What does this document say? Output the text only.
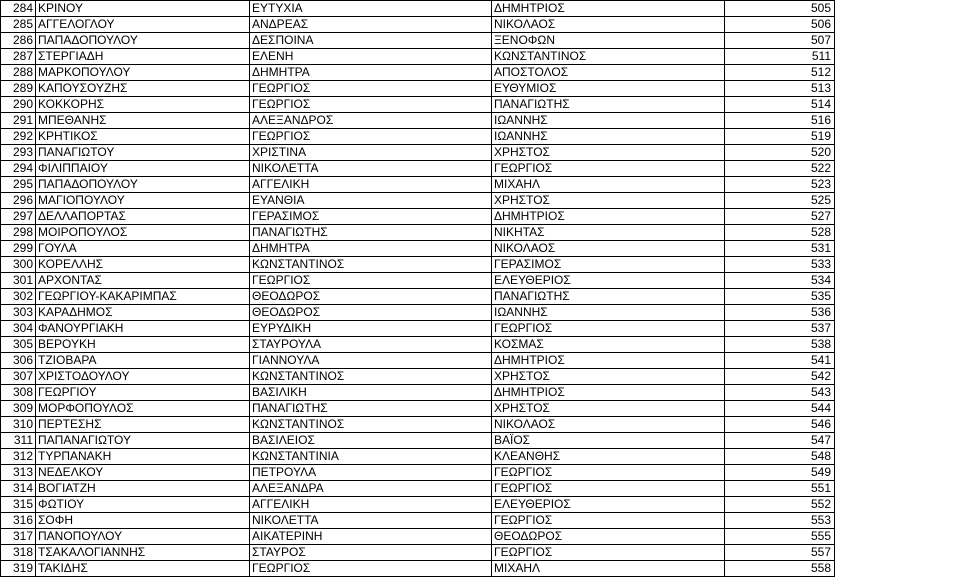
284	ΚΡΙΝΟΥ	ΕΥΤΥΧΙΑ	ΔΗΜΗΤΡΙΟΣ	505
285	ΑΓΓΕΛΟΓΛΟΥ	ΑΝΔΡΕΑΣ	ΝΙΚΟΛΑΟΣ	506
286	ΠΑΠΑΔΟΠΟΥΛΟΥ	ΔΕΣΠΟΙΝΑ	ΞΕΝΟΦΩΝ	507
287	ΣΤΕΡΓΙΑΔΗ	ΕΛΕΝΗ	ΚΩΝΣΤΑΝΤΙΝΟΣ	511
288	ΜΑΡΚΟΠΟΥΛΟΥ	ΔΗΜΗΤΡΑ	ΑΠΟΣΤΟΛΟΣ	512
289	ΚΑΠΟΥΣΟΥΖΗΣ	ΓΕΩΡΓΙΟΣ	ΕΥΘΥΜΙΟΣ	513
290	ΚΟΚΚΟΡΗΣ	ΓΕΩΡΓΙΟΣ	ΠΑΝΑΓΙΩΤΗΣ	514
291	ΜΠΕΘΑΝΗΣ	ΑΛΕΞΑΝΔΡΟΣ	ΙΩΑΝΝΗΣ	516
292	ΚΡΗΤΙΚΟΣ	ΓΕΩΡΓΙΟΣ	ΙΩΑΝΝΗΣ	519
293	ΠΑΝΑΓΙΩΤΟΥ	ΧΡΙΣΤΙΝΑ	ΧΡΗΣΤΟΣ	520
294	ΦΙΛΙΠΠΑΙΟΥ	ΝΙΚΟΛΕΤΤΑ	ΓΕΩΡΓΙΟΣ	522
295	ΠΑΠΑΔΟΠΟΥΛΟΥ	ΑΓΓΕΛΙΚΗ	ΜΙΧΑΗΛ	523
296	ΜΑΓΙΟΠΟΥΛΟΥ	ΕΥΑΝΘΙΑ	ΧΡΗΣΤΟΣ	525
297	ΔΕΛΛΑΠΟΡΤΑΣ	ΓΕΡΑΣΙΜΟΣ	ΔΗΜΗΤΡΙΟΣ	527
298	ΜΟΙΡΟΠΟΥΛΟΣ	ΠΑΝΑΓΙΩΤΗΣ	ΝΙΚΗΤΑΣ	528
299	ΓΟΥΛΑ	ΔΗΜΗΤΡΑ	ΝΙΚΟΛΑΟΣ	531
300	ΚΟΡΕΛΛΗΣ	ΚΩΝΣΤΑΝΤΙΝΟΣ	ΓΕΡΑΣΙΜΟΣ	533
301	ΑΡΧΟΝΤΑΣ	ΓΕΩΡΓΙΟΣ	ΕΛΕΥΘΕΡΙΟΣ	534
302	ΓΕΩΡΓΙΟΥ-ΚΑΚΑΡΙΜΠΑΣ	ΘΕΟΔΩΡΟΣ	ΠΑΝΑΓΙΩΤΗΣ	535
303	ΚΑΡΑΔΗΜΟΣ	ΘΕΟΔΩΡΟΣ	ΙΩΑΝΝΗΣ	536
304	ΦΑΝΟΥΡΓΙΑΚΗ	ΕΥΡΥΔΙΚΗ	ΓΕΩΡΓΙΟΣ	537
305	ΒΕΡΟΥΚΗ	ΣΤΑΥΡΟΥΛΑ	ΚΟΣΜΑΣ	538
306	ΤΖΙΟΒΑΡΑ	ΓΙΑΝΝΟΥΛΑ	ΔΗΜΗΤΡΙΟΣ	541
307	ΧΡΙΣΤΟΔΟΥΛΟΥ	ΚΩΝΣΤΑΝΤΙΝΟΣ	ΧΡΗΣΤΟΣ	542
308	ΓΕΩΡΓΙΟΥ	ΒΑΣΙΛΙΚΗ	ΔΗΜΗΤΡΙΟΣ	543
309	ΜΟΡΦΟΠΟΥΛΟΣ	ΠΑΝΑΓΙΩΤΗΣ	ΧΡΗΣΤΟΣ	544
310	ΠΕΡΤΕΣΗΣ	ΚΩΝΣΤΑΝΤΙΝΟΣ	ΝΙΚΟΛΑΟΣ	546
311	ΠΑΠΑΝΑΓΙΩΤΟΥ	ΒΑΣΙΛΕΙΟΣ	ΒΑΪΟΣ	547
312	ΤΥΡΠΑΝΑΚΗ	ΚΩΝΣΤΑΝΤΙΝΙΑ	ΚΛΕΑΝΘΗΣ	548
313	ΝΕΔΕΛΚΟΥ	ΠΕΤΡΟΥΛΑ	ΓΕΩΡΓΙΟΣ	549
314	ΒΟΓΙΑΤΖΗ	ΑΛΕΞΑΝΔΡΑ	ΓΕΩΡΓΙΟΣ	551
315	ΦΩΤΙΟΥ	ΑΓΓΕΛΙΚΗ	ΕΛΕΥΘΕΡΙΟΣ	552
316	ΣΟΦΗ	ΝΙΚΟΛΕΤΤΑ	ΓΕΩΡΓΙΟΣ	553
317	ΠΑΝΟΠΟΥΛΟΥ	ΑΙΚΑΤΕΡΙΝΗ	ΘΕΟΔΩΡΟΣ	555
318	ΤΣΑΚΑΛΟΓΙΑΝΝΗΣ	ΣΤΑΥΡΟΣ	ΓΕΩΡΓΙΟΣ	557
319	ΤΑΚΙΔΗΣ	ΓΕΩΡΓΙΟΣ	ΜΙΧΑΗΛ	558
